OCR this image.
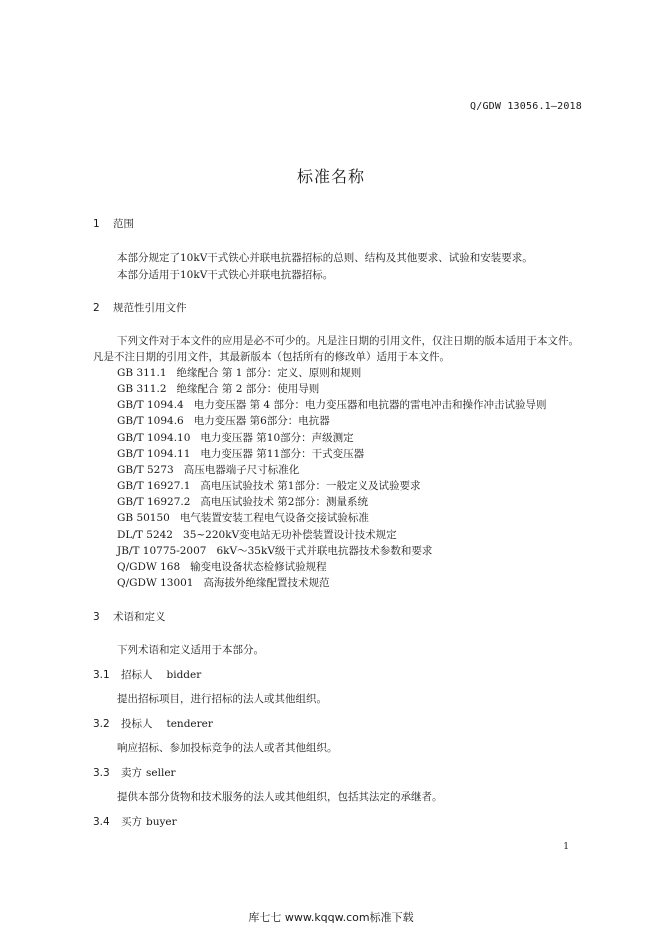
Q/GDW 13056.1—2018
标准名称
1 范围
本部分规定了10kV干式铁心并联电抗器招标的总则、结构及其他要求、试验和安装要求。
本部分适用于10kV干式铁心并联电抗器招标。
2 规范性引用文件
下列文件对于本文件的应用是必不可少的。凡是注日期的引用文件，仅注日期的版本适用于本文件。
凡是不注日期的引用文件，其最新版本（包括所有的修改单）适用于本文件。
GB 311.1 绝缘配合 第 1 部分：定义、原则和规则
GB 311.2 绝缘配合 第 2 部分：使用导则
GB/T 1094.4 电力变压器 第 4 部分：电力变压器和电抗器的雷电冲击和操作冲击试验导则
GB/T 1094.6 电力变压器 第6部分：电抗器
GB/T 1094.10 电力变压器 第10部分：声级测定
GB/T 1094.11 电力变压器 第11部分：干式变压器
GB/T 5273 高压电器端子尺寸标准化
GB/T 16927.1 高电压试验技术 第1部分：一般定义及试验要求
GB/T 16927.2 高电压试验技术 第2部分：测量系统
GB 50150 电气装置安装工程电气设备交接试验标准
DL/T 5242 35~220kV变电站无功补偿装置设计技术规定
JB/T 10775-2007 6kV～35kV级干式并联电抗器技术参数和要求
Q/GDW 168 输变电设备状态检修试验规程
Q/GDW 13001 高海拔外绝缘配置技术规范
3 术语和定义
下列术语和定义适用于本部分。
3.1 招标人 bidder
提出招标项目，进行招标的法人或其他组织。
3.2 投标人 tenderer
响应招标、参加投标竞争的法人或者其他组织。
3.3 卖方 seller
提供本部分货物和技术服务的法人或其他组织，包括其法定的承继者。
3.4 买方 buyer
1
库七七 www.kqqw.com标准下载
